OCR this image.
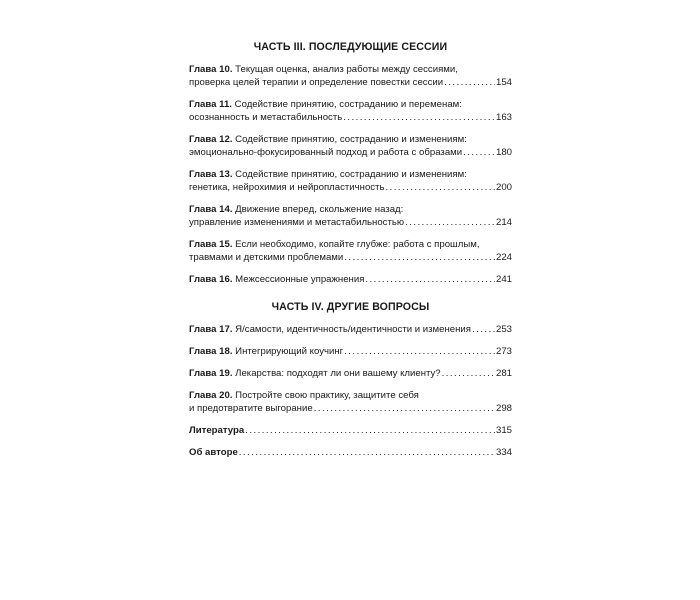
ЧАСТЬ III. ПОСЛЕДУЮЩИЕ СЕССИИ
Глава 10. Текущая оценка, анализ работы между сессиями,
проверка целей терапии и определение повестки сессии . . .	154
Глава 11. Содействие принятию, состраданию и переменам:
осознанность и метастабильность . . .	163
Глава 12. Содействие принятию, состраданию и изменениям:
эмоционально-фокусированный подход и работа с образами . . .	180
Глава 13. Содействие принятию, состраданию и изменениям:
генетика, нейрохимия и нейропластичность . . .	200
Глава 14. Движение вперед, скольжение назад:
управление изменениями и метастабильностью . . .	214
Глава 15. Если необходимо, копайте глубже: работа с прошлым,
травмами и детскими проблемами . . .	224
Глава 16. Межсессионные упражнения . . .	241
ЧАСТЬ IV. ДРУГИЕ ВОПРОСЫ
Глава 17. Я/самости, идентичность/идентичности и изменения . . .	253
Глава 18. Интегрирующий коучинг . . .	273
Глава 19. Лекарства: подходят ли они вашему клиенту? . . .	281
Глава 20. Постройте свою практику, защитите себя
и предотвратите выгорание . . .	298
Литература . . .	315
Об авторе . . .	334
